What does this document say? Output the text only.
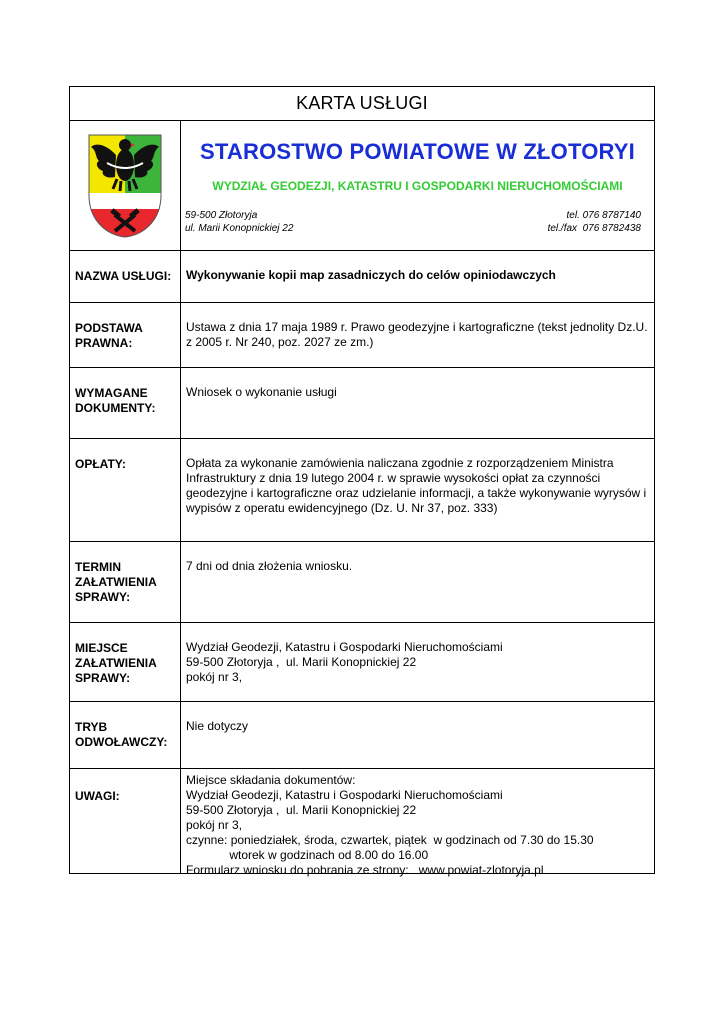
KARTA USŁUGI
STAROSTWO POWIATOWE W ZŁOTORYI
WYDZIAŁ GEODEZJI, KATASTRU I GOSPODARKI NIERUCHOMOŚCIAMI
59-500 Złotoryja
ul. Marii Konopnickiej 22
tel. 076 8787140
tel./fax  076 8782438
NAZWA USŁUGI:	Wykonywanie kopii map zasadniczych do celów opiniodawczych
PODSTAWA PRAWNA:
Ustawa z dnia 17 maja 1989 r. Prawo geodezyjne i kartograficzne (tekst jednolity Dz.U.
z 2005 r. Nr 240, poz. 2027 ze zm.)
WYMAGANE DOKUMENTY:
Wniosek o wykonanie usługi
OPŁATY:	Opłata za wykonanie zamówienia naliczana zgodnie z rozporządzeniem Ministra
Infrastruktury z dnia 19 lutego 2004 r. w sprawie wysokości opłat za czynności
geodezyjne i kartograficzne oraz udzielanie informacji, a także wykonywanie wyrysów i
wypisów z operatu ewidencyjnego (Dz. U. Nr 37, poz. 333)
TERMIN ZAŁATWIENIA SPRAWY:
7 dni od dnia złożenia wniosku.
MIEJSCE ZAŁATWIENIA SPRAWY:
Wydział Geodezji, Katastru i Gospodarki Nieruchomościami
59-500 Złotoryja ,  ul. Marii Konopnickiej 22
pokój nr 3,
TRYB ODWOŁAWCZY:
Nie dotyczy
UWAGI:
Miejsce składania dokumentów:
Wydział Geodezji, Katastru i Gospodarki Nieruchomościami
59-500 Złotoryja ,  ul. Marii Konopnickiej 22
pokój nr 3,
czynne: poniedziałek, środa, czwartek, piątek  w godzinach od 7.30 do 15.30
wtorek w godzinach od 8.00 do 16.00
Formularz wniosku do pobrania ze strony:   www.powiat-zlotoryja.pl
